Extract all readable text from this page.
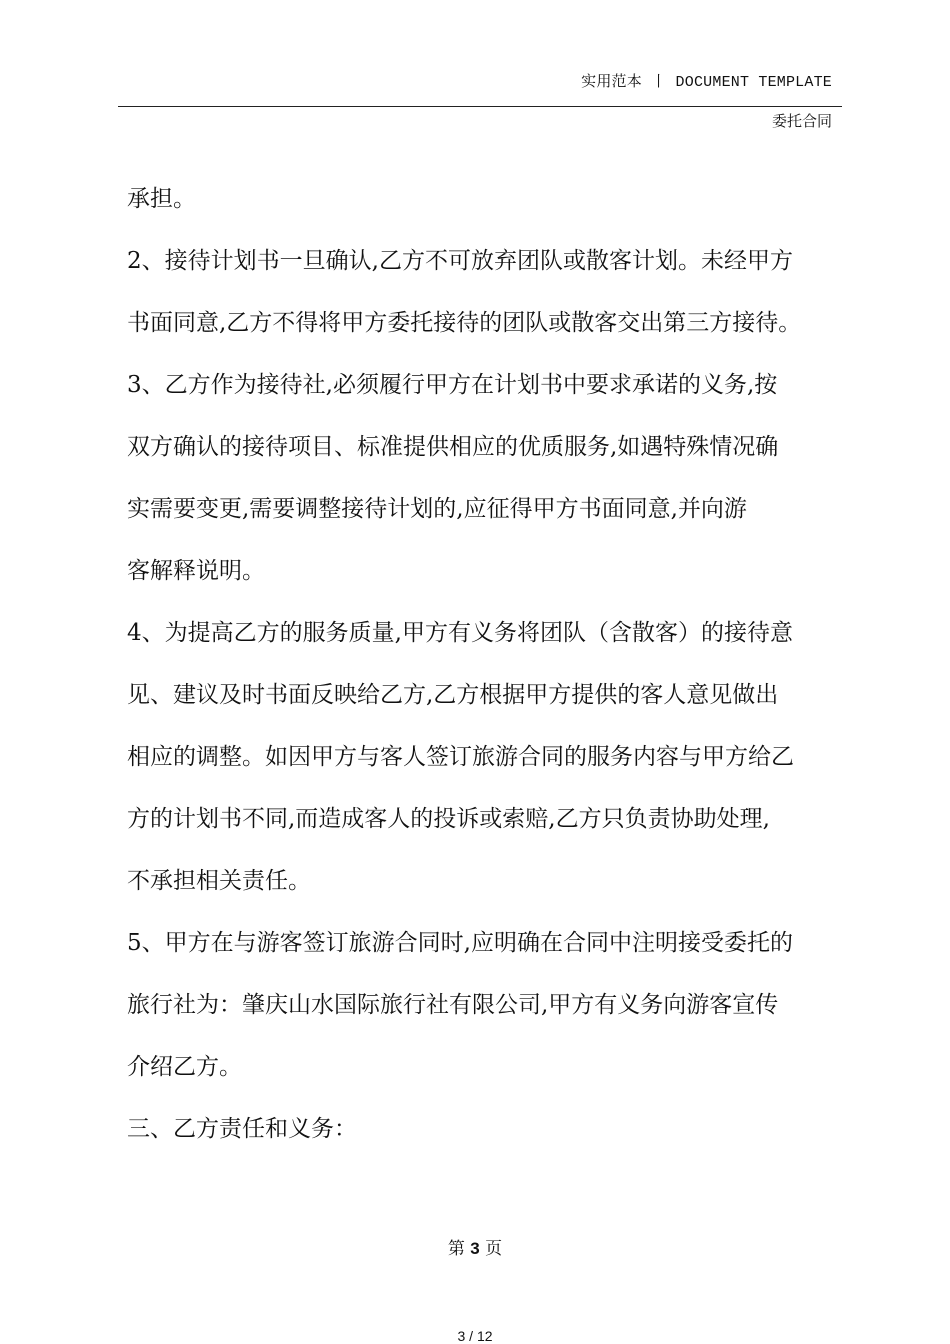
实用范本 丨 DOCUMENT TEMPLATE
委托合同
承担。
2、接待计划书一旦确认,乙方不可放弃团队或散客计划。未经甲方
书面同意,乙方不得将甲方委托接待的团队或散客交出第三方接待。
3、乙方作为接待社,必须履行甲方在计划书中要求承诺的义务,按
双方确认的接待项目、标准提供相应的优质服务,如遇特殊情况确
实需要变更,需要调整接待计划的,应征得甲方书面同意,并向游
客解释说明。
4、为提高乙方的服务质量,甲方有义务将团队（含散客）的接待意
见、建议及时书面反映给乙方,乙方根据甲方提供的客人意见做出
相应的调整。如因甲方与客人签订旅游合同的服务内容与甲方给乙
方的计划书不同,而造成客人的投诉或索赔,乙方只负责协助处理,
不承担相关责任。
5、甲方在与游客签订旅游合同时,应明确在合同中注明接受委托的
旅行社为：肇庆山水国际旅行社有限公司,甲方有义务向游客宣传
介绍乙方。
三、乙方责任和义务：
第 3 页
3 / 12
